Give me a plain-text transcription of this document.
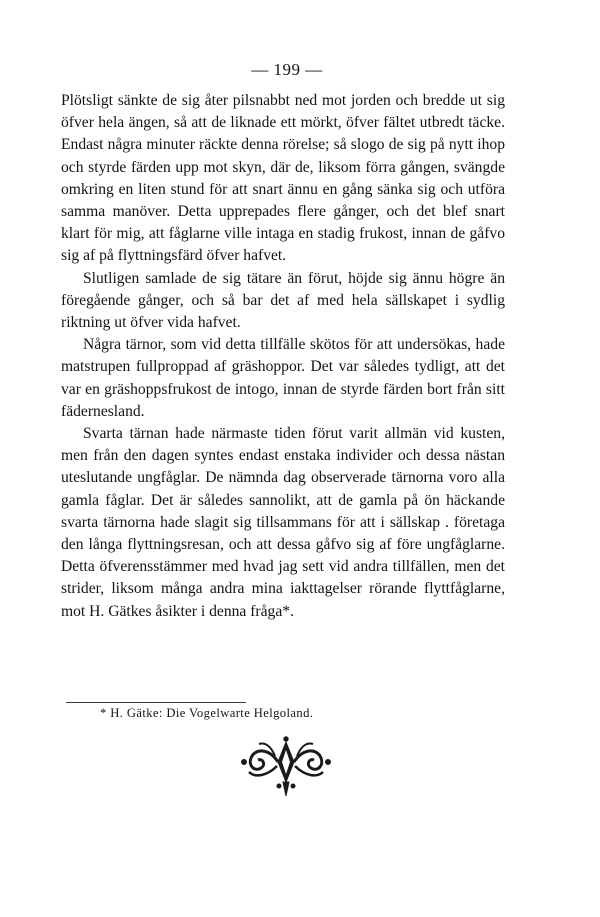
— 199 —

Plötsligt sänkte de sig åter pilsnabbt ned mot jorden och bredde ut sig öfver hela ängen, så att de liknade ett mörkt, öfver fältet utbredt täcke. Endast några minuter räckte denna rörelse; så slogo de sig på nytt ihop och styrde färden upp mot skyn, där de, liksom förra gången, svängde omkring en liten stund för att snart ännu en gång sänka sig och utföra samma manöver. Detta upprepades flere gånger, och det blef snart klart för mig, att fåglarne ville intaga en stadig frukost, innan de gåfvo sig af på flyttningsfärd öfver hafvet.

Slutligen samlade de sig tätare än förut, höjde sig ännu högre än föregående gånger, och så bar det af med hela sällskapet i sydlig riktning ut öfver vida hafvet.

Några tärnor, som vid detta tillfälle skötos för att undersökas, hade matstrupen fullproppad af gräshoppor. Det var således tydligt, att det var en gräshoppsfrukost de intogo, innan de styrde färden bort från sitt fädernesland.

Svarta tärnan hade närmaste tiden förut varit allmän vid kusten, men från den dagen syntes endast enstaka individer och dessa nästan uteslutande ungfåglar. De nämnda dag observerade tärnorna voro alla gamla fåglar. Det är således sannolikt, att de gamla på ön häckande svarta tärnorna hade slagit sig tillsammans för att i sällskap . företaga den långa flyttningsresan, och att dessa gåfvo sig af före ungfåglarne. Detta öfverensstämmer med hvad jag sett vid andra tillfällen, men det strider, liksom många andra mina iakttagelser rörande flyttfåglarne, mot H. Gätkes åsikter i denna fråga*.

* H. Gätke: Die Vogelwarte Helgoland.
